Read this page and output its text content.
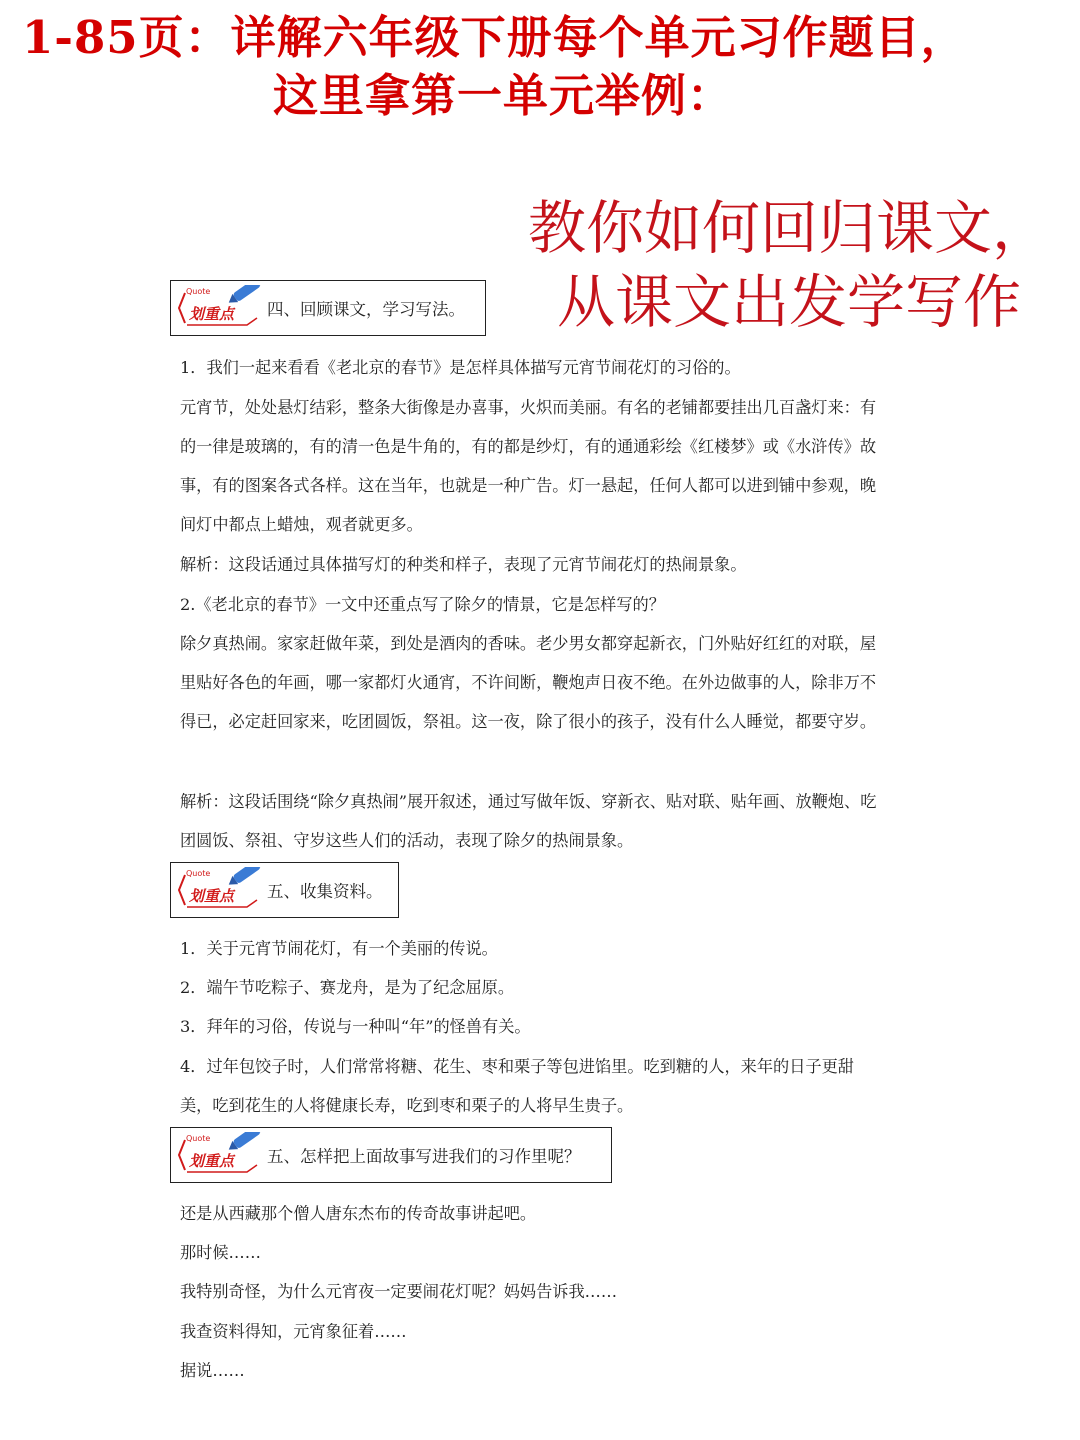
1-85页：详解六年级下册每个单元习作题目，
这里拿第一单元举例：
教你如何回归课文，
从课文出发学写作
Quote
划重点 四、回顾课文，学习写法。
1．我们一起来看看《老北京的春节》是怎样具体描写元宵节闹花灯的习俗的。
元宵节，处处悬灯结彩，整条大街像是办喜事，火炽而美丽。有名的老铺都要挂出几百盏灯来：有的一律是玻璃的，有的清一色是牛角的，有的都是纱灯，有的通通彩绘《红楼梦》或《水浒传》故事，有的图案各式各样。这在当年，也就是一种广告。灯一悬起，任何人都可以进到铺中参观，晚间灯中都点上蜡烛，观者就更多。
解析：这段话通过具体描写灯的种类和样子，表现了元宵节闹花灯的热闹景象。
2.《老北京的春节》一文中还重点写了除夕的情景，它是怎样写的？
除夕真热闹。家家赶做年菜，到处是酒肉的香味。老少男女都穿起新衣，门外贴好红红的对联，屋里贴好各色的年画，哪一家都灯火通宵，不许间断，鞭炮声日夜不绝。在外边做事的人，除非万不得已，必定赶回家来，吃团圆饭，祭祖。这一夜，除了很小的孩子，没有什么人睡觉，都要守岁。
解析：这段话围绕“除夕真热闹”展开叙述，通过写做年饭、穿新衣、贴对联、贴年画、放鞭炮、吃团圆饭、祭祖、守岁这些人们的活动，表现了除夕的热闹景象。
Quote
划重点 五、收集资料。
1．关于元宵节闹花灯，有一个美丽的传说。
2．端午节吃粽子、赛龙舟，是为了纪念屈原。
3．拜年的习俗，传说与一种叫“年”的怪兽有关。
4．过年包饺子时，人们常常将糖、花生、枣和栗子等包进馅里。吃到糖的人，来年的日子更甜美，吃到花生的人将健康长寿，吃到枣和栗子的人将早生贵子。
Quote
划重点 五、怎样把上面故事写进我们的习作里呢？
还是从西藏那个僧人唐东杰布的传奇故事讲起吧。
那时候……
我特别奇怪，为什么元宵夜一定要闹花灯呢？妈妈告诉我……
我查资料得知，元宵象征着……
据说……
